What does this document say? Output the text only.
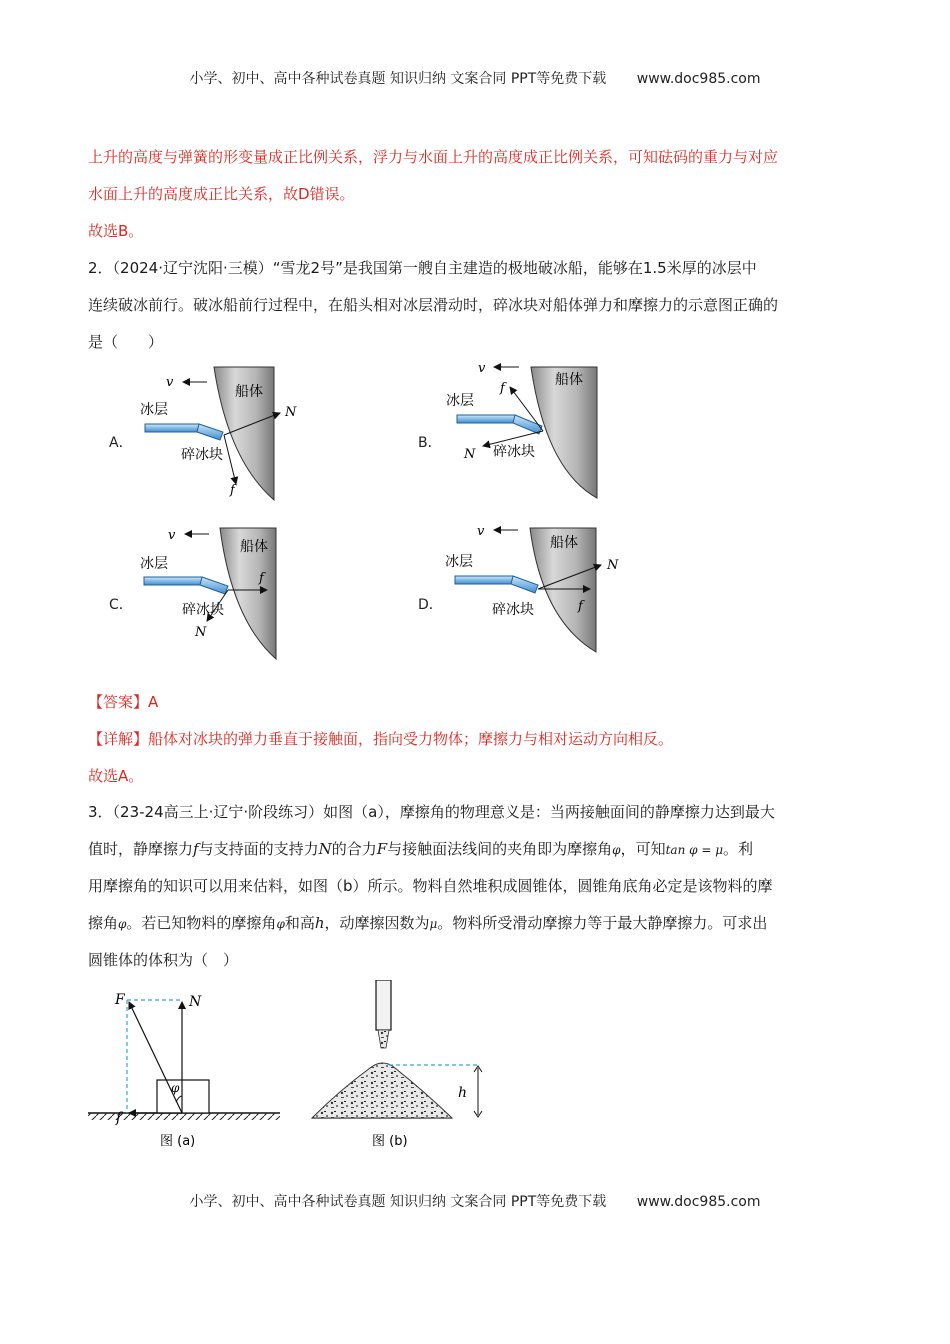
小学、初中、高中各种试卷真题 知识归纳 文案合同 PPT等免费下载 www.doc985.com
上升的高度与弹簧的形变量成正比例关系，浮力与水面上升的高度成正比例关系，可知砝码的重力与对应
水面上升的高度成正比关系，故D错误。
故选B。
2．（2024·辽宁沈阳·三模）“雪龙2号”是我国第一艘自主建造的极地破冰船，能够在1.5米厚的冰层中
连续破冰前行。破冰船前行过程中，在船头相对冰层滑动时，碎冰块对船体弹力和摩擦力的示意图正确的
是（　　）
A．	B．
C．	D．
v
船体
冰层
碎冰块
N
f
v
船体
冰层
碎冰块
f
N
v
船体
冰层
碎冰块
f
N
v
船体
冰层
碎冰块
N
f
【答案】A
【详解】船体对冰块的弹力垂直于接触面，指向受力物体；摩擦力与相对运动方向相反。
故选A。
3．（23-24高三上·辽宁·阶段练习）如图（a），摩擦角的物理意义是：当两接触面间的静摩擦力达到最大
值时，静摩擦力f与支持面的支持力N的合力F与接触面法线间的夹角即为摩擦角φ，可知tan φ = μ。利
用摩擦角的知识可以用来估料，如图（b）所示。物料自然堆积成圆锥体，圆锥角底角必定是该物料的摩
擦角φ。若已知物料的摩擦角φ和高h，动摩擦因数为μ。物料所受滑动摩擦力等于最大静摩擦力。可求出
圆锥体的体积为（　）
F	N
f
φ
图 (a)
h
图 (b)
小学、初中、高中各种试卷真题 知识归纳 文案合同 PPT等免费下载 www.doc985.com
